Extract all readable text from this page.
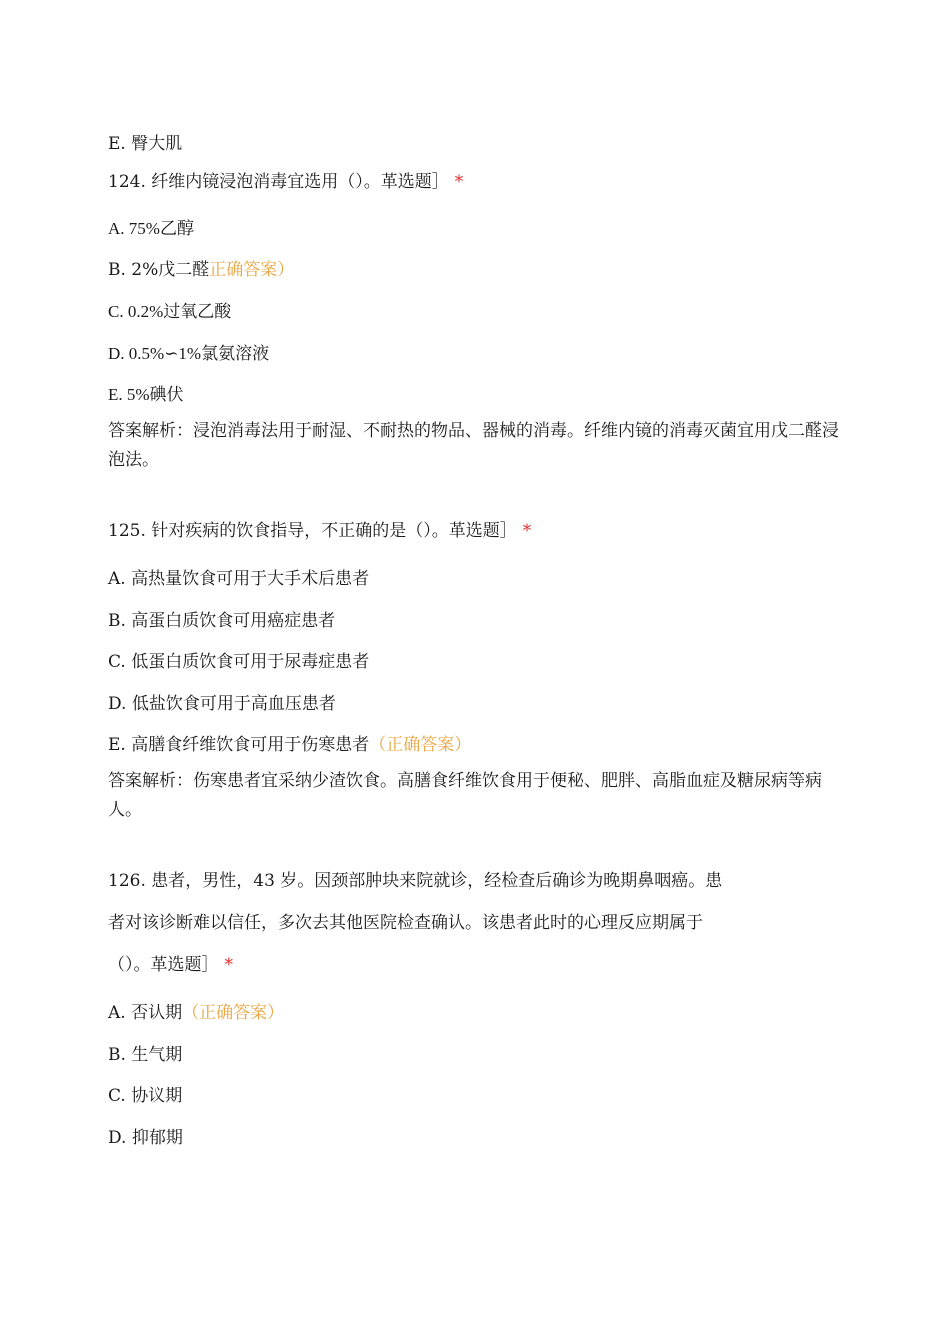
E. 臀大肌
124. 纤维内镜浸泡消毒宜选用（）。革选题］ *
A. 75%乙醇
B. 2%戊二醛正确答案）
C. 0.2%过氧乙酸
D. 0.5%∽1%氯氨溶液
E. 5%碘伏
答案解析：浸泡消毒法用于耐湿、不耐热的物品、器械的消毒。纤维内镜的消毒灭菌宜用戊二醛浸泡法。
125. 针对疾病的饮食指导，不正确的是（）。革选题］ *
A. 高热量饮食可用于大手术后患者
B. 高蛋白质饮食可用癌症患者
C. 低蛋白质饮食可用于尿毒症患者
D. 低盐饮食可用于高血压患者
E. 高膳食纤维饮食可用于伤寒患者（正确答案）
答案解析：伤寒患者宜采纳少渣饮食。高膳食纤维饮食用于便秘、肥胖、高脂血症及糖尿病等病人。
126. 患者，男性，43 岁。因颈部肿块来院就诊，经检查后确诊为晚期鼻咽癌。患
者对该诊断难以信任，多次去其他医院检查确认。该患者此时的心理反应期属于
（）。革选题］ *
A. 否认期（正确答案）
B. 生气期
C. 协议期
D. 抑郁期
